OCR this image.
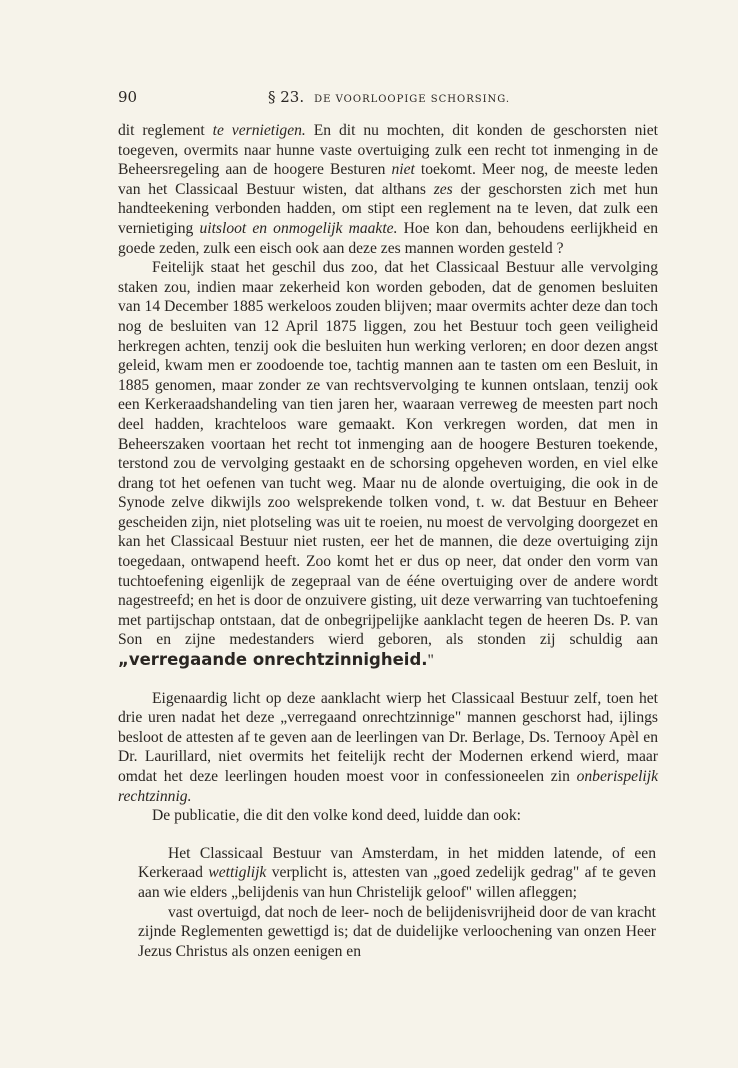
90	§ 23. DE VOORLOOPIGE SCHORSING.

dit reglement te vernietigen. En dit nu mochten, dit konden de geschorsten niet toegeven, overmits naar hunne vaste overtuiging zulk een recht tot inmenging in de Beheersregeling aan de hoogere Besturen niet toekomt. Meer nog, de meeste leden van het Classicaal Bestuur wisten, dat althans zes der geschorsten zich met hun handteekening verbonden hadden, om stipt een reglement na te leven, dat zulk een vernietiging uitsloot en onmogelijk maakte. Hoe kon dan, behoudens eerlijkheid en goede zeden, zulk een eisch ook aan deze zes mannen worden gesteld ?

Feitelijk staat het geschil dus zoo, dat het Classicaal Bestuur alle vervolging staken zou, indien maar zekerheid kon worden geboden, dat de genomen besluiten van 14 December 1885 werkeloos zouden blijven; maar overmits achter deze dan toch nog de besluiten van 12 April 1875 liggen, zou het Bestuur toch geen veiligheid herkregen achten, tenzij ook die besluiten hun werking verloren; en door dezen angst geleid, kwam men er zoodoende toe, tachtig mannen aan te tasten om een Besluit, in 1885 genomen, maar zonder ze van rechtsvervolging te kunnen ontslaan, tenzij ook een Kerkeraadshandeling van tien jaren her, waaraan verreweg de meesten part noch deel hadden, krachteloos ware gemaakt. Kon verkregen worden, dat men in Beheerszaken voortaan het recht tot inmenging aan de hoogere Besturen toekende, terstond zou de vervolging gestaakt en de schorsing opgeheven worden, en viel elke drang tot het oefenen van tucht weg. Maar nu de alonde overtuiging, die ook in de Synode zelve dikwijls zoo welsprekende tolken vond, t. w. dat Bestuur en Beheer gescheiden zijn, niet plotseling was uit te roeien, nu moest de vervolging doorgezet en kan het Classicaal Bestuur niet rusten, eer het de mannen, die deze overtuiging zijn toegedaan, ontwapend heeft. Zoo komt het er dus op neer, dat onder den vorm van tuchtoefening eigenlijk de zegepraal van de ééne overtuiging over de andere wordt nagestreefd; en het is door de onzuivere gisting, uit deze verwarring van tuchtoefening met partijschap ontstaan, dat de onbegrijpelijke aanklacht tegen de heeren Ds. P. van Son en zijne medestanders wierd geboren, als stonden zij schuldig aan „verregaande onrechtzinnigheid."

Eigenaardig licht op deze aanklacht wierp het Classicaal Bestuur zelf, toen het drie uren nadat het deze „verregaand onrechtzinnige" mannen geschorst had, ijlings besloot de attesten af te geven aan de leerlingen van Dr. Berlage, Ds. Ternooy Apèl en Dr. Laurillard, niet overmits het feitelijk recht der Modernen erkend wierd, maar omdat het deze leerlingen houden moest voor in confessioneelen zin onberispelijk rechtzinnig.

De publicatie, die dit den volke kond deed, luidde dan ook:

Het Classicaal Bestuur van Amsterdam, in het midden latende, of een Kerkeraad wettiglijk verplicht is, attesten van „goed zedelijk gedrag" af te geven aan wie elders „belijdenis van hun Christelijk geloof" willen afleggen;

vast overtuigd, dat noch de leer- noch de belijdenisvrijheid door de van kracht zijnde Reglementen gewettigd is; dat de duidelijke verloochening van onzen Heer Jezus Christus als onzen eenigen en
